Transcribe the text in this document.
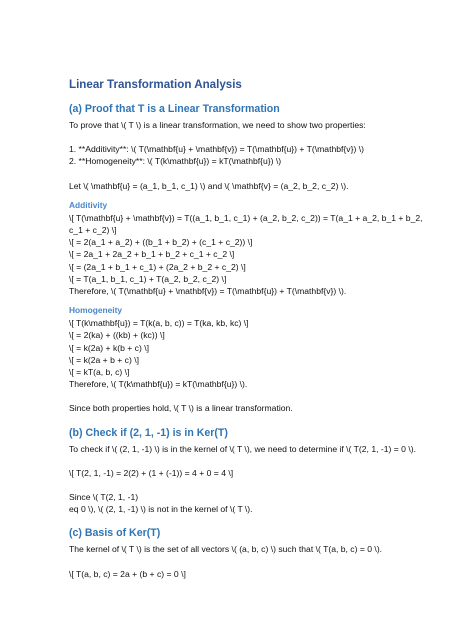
Linear Transformation Analysis
(a) Proof that T is a Linear Transformation
To prove that \( T \) is a linear transformation, we need to show two properties:
1. **Additivity**: \( T(\mathbf{u} + \mathbf{v}) = T(\mathbf{u}) + T(\mathbf{v}) \)
2. **Homogeneity**: \( T(k\mathbf{u}) = kT(\mathbf{u}) \)
Let \( \mathbf{u} = (a_1, b_1, c_1) \) and \( \mathbf{v} = (a_2, b_2, c_2) \).
Additivity
\[ T(\mathbf{u} + \mathbf{v}) = T((a_1, b_1, c_1) + (a_2, b_2, c_2)) = T(a_1 + a_2, b_1 + b_2, c_1 + c_2) \]
\[ = 2(a_1 + a_2) + ((b_1 + b_2) + (c_1 + c_2)) \]
\[ = 2a_1 + 2a_2 + b_1 + b_2 + c_1 + c_2 \]
\[ = (2a_1 + b_1 + c_1) + (2a_2 + b_2 + c_2) \]
\[ = T(a_1, b_1, c_1) + T(a_2, b_2, c_2) \]
Therefore, \( T(\mathbf{u} + \mathbf{v}) = T(\mathbf{u}) + T(\mathbf{v}) \).
Homogeneity
\[ T(k\mathbf{u}) = T(k(a, b, c)) = T(ka, kb, kc) \]
\[ = 2(ka) + ((kb) + (kc)) \]
\[ = k(2a) + k(b + c) \]
\[ = k(2a + b + c) \]
\[ = kT(a, b, c) \]
Therefore, \( T(k\mathbf{u}) = kT(\mathbf{u}) \).
Since both properties hold, \( T \) is a linear transformation.
(b) Check if (2, 1, -1) is in Ker(T)
To check if \( (2, 1, -1) \) is in the kernel of \( T \), we need to determine if \( T(2, 1, -1) = 0 \).
\[ T(2, 1, -1) = 2(2) + (1 + (-1)) = 4 + 0 = 4 \]
Since \( T(2, 1, -1)
eq 0 \), \( (2, 1, -1) \) is not in the kernel of \( T \).
(c) Basis of Ker(T)
The kernel of \( T \) is the set of all vectors \( (a, b, c) \) such that \( T(a, b, c) = 0 \).
\[ T(a, b, c) = 2a + (b + c) = 0 \]
